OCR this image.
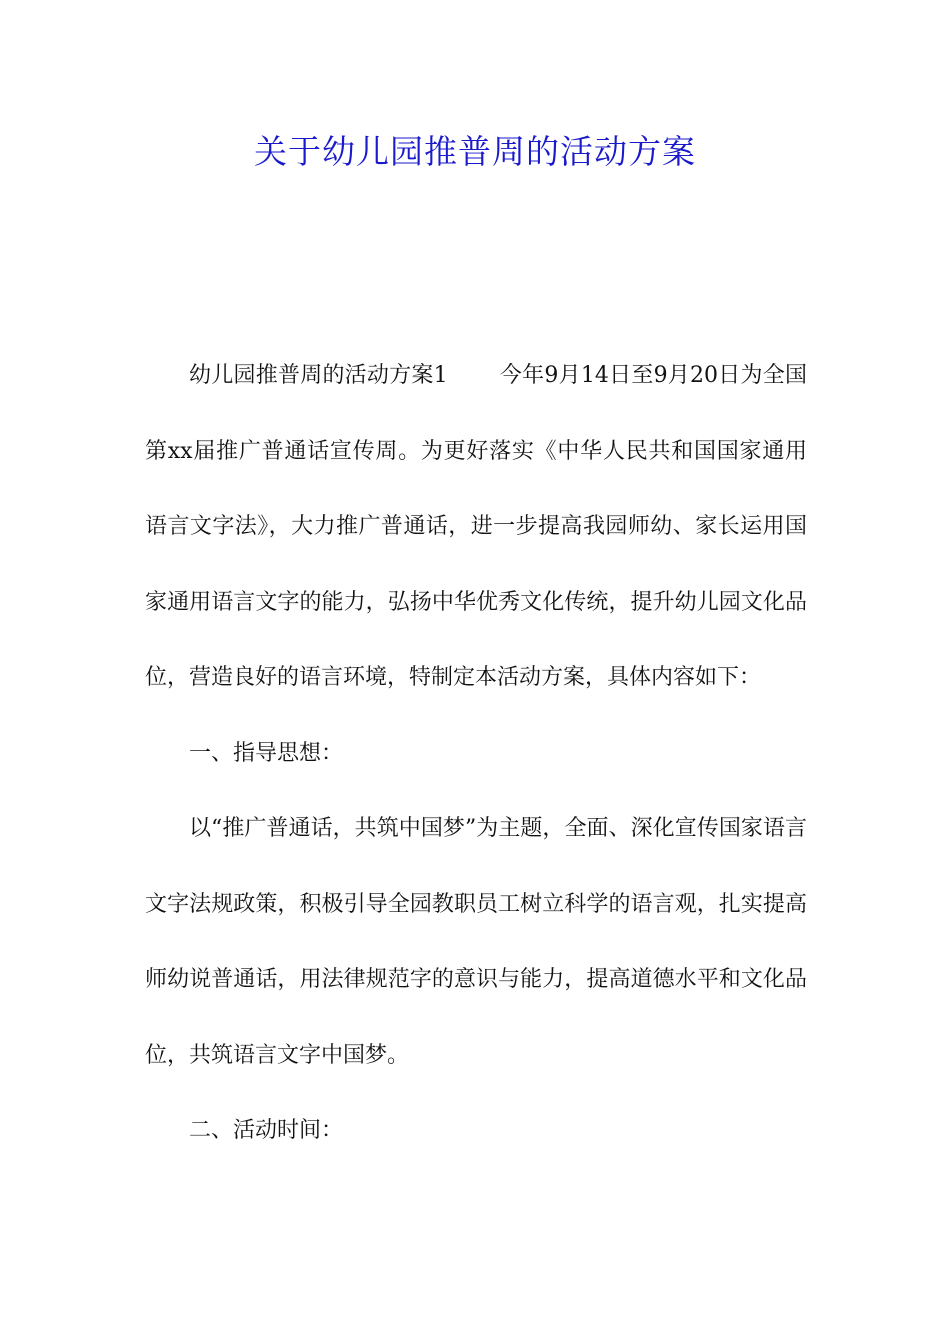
关于幼儿园推普周的活动方案

幼儿园推普周的活动方案1 今年9月14日至9月20日为全国第xx届推广普通话宣传周。为更好落实《中华人民共和国国家通用语言文字法》，大力推广普通话，进一步提高我园师幼、家长运用国家通用语言文字的能力，弘扬中华优秀文化传统，提升幼儿园文化品位，营造良好的语言环境，特制定本活动方案，具体内容如下：

一、指导思想：

以“推广普通话，共筑中国梦”为主题，全面、深化宣传国家语言文字法规政策，积极引导全园教职员工树立科学的语言观，扎实提高师幼说普通话，用法律规范字的意识与能力，提高道德水平和文化品位，共筑语言文字中国梦。

二、活动时间：
